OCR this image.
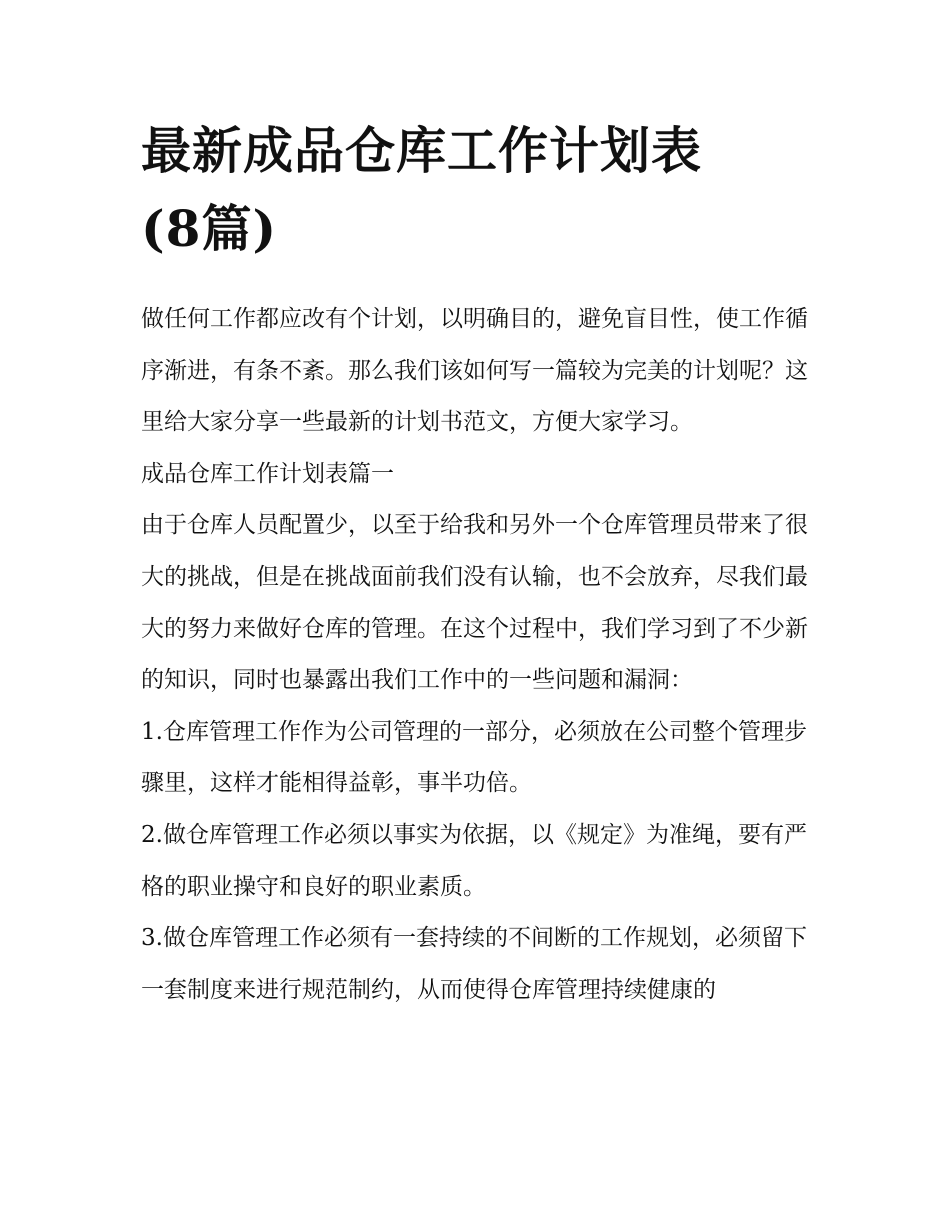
最新成品仓库工作计划表(8篇)

做任何工作都应改有个计划，以明确目的，避免盲目性，使工作循序渐进，有条不紊。那么我们该如何写一篇较为完美的计划呢？这里给大家分享一些最新的计划书范文，方便大家学习。

成品仓库工作计划表篇一

由于仓库人员配置少，以至于给我和另外一个仓库管理员带来了很大的挑战，但是在挑战面前我们没有认输，也不会放弃，尽我们最大的努力来做好仓库的管理。在这个过程中，我们学习到了不少新的知识，同时也暴露出我们工作中的一些问题和漏洞：

1.仓库管理工作作为公司管理的一部分，必须放在公司整个管理步骤里，这样才能相得益彰，事半功倍。

2.做仓库管理工作必须以事实为依据，以《规定》为准绳，要有严格的职业操守和良好的职业素质。

3.做仓库管理工作必须有一套持续的不间断的工作规划，必须留下一套制度来进行规范制约，从而使得仓库管理持续健康的
